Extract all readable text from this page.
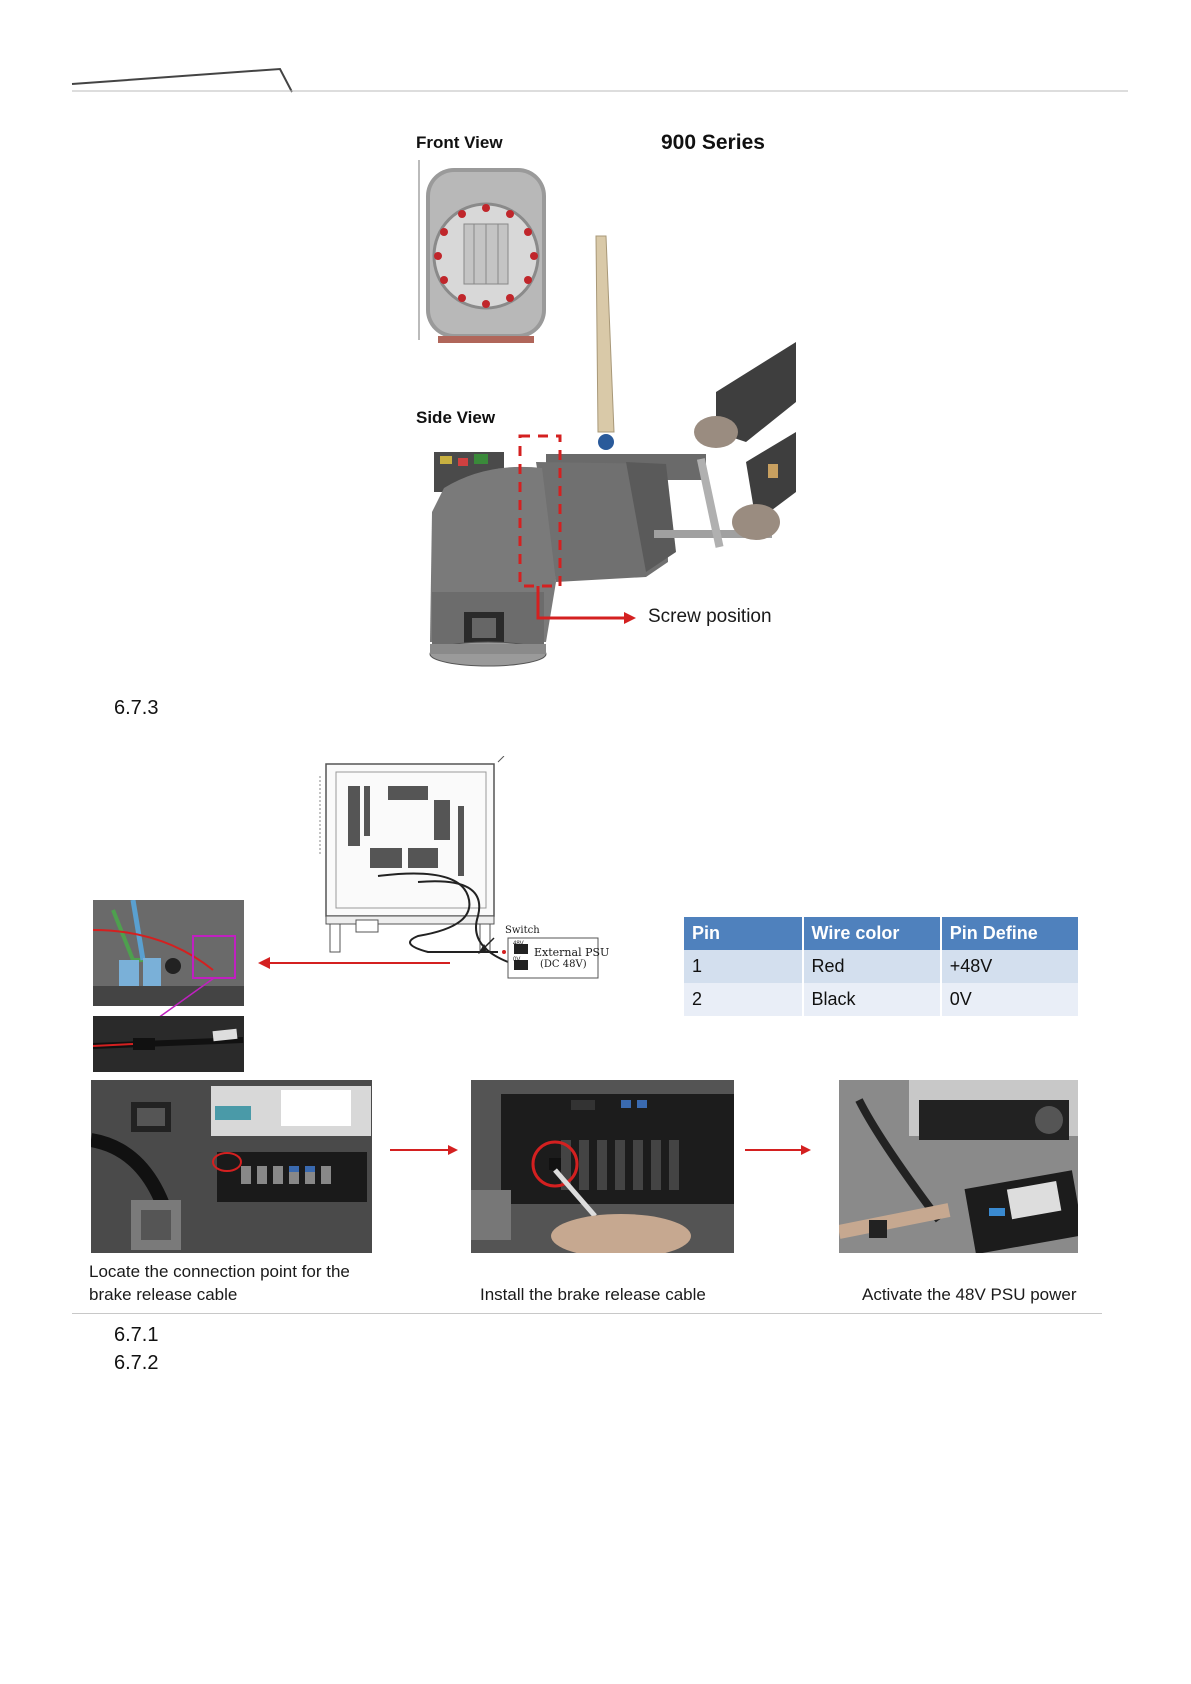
Front View	900 Series
Side View
Screw position
6.7.3
Switch
48V
0V
External PSU
(DC 48V)
Pin	Wire color	Pin Define
1	Red	+48V
2	Black	0V
Locate the connection point for the
brake release cable	Install the brake release cable	Activate the 48V PSU power
6.7.1
6.7.2
